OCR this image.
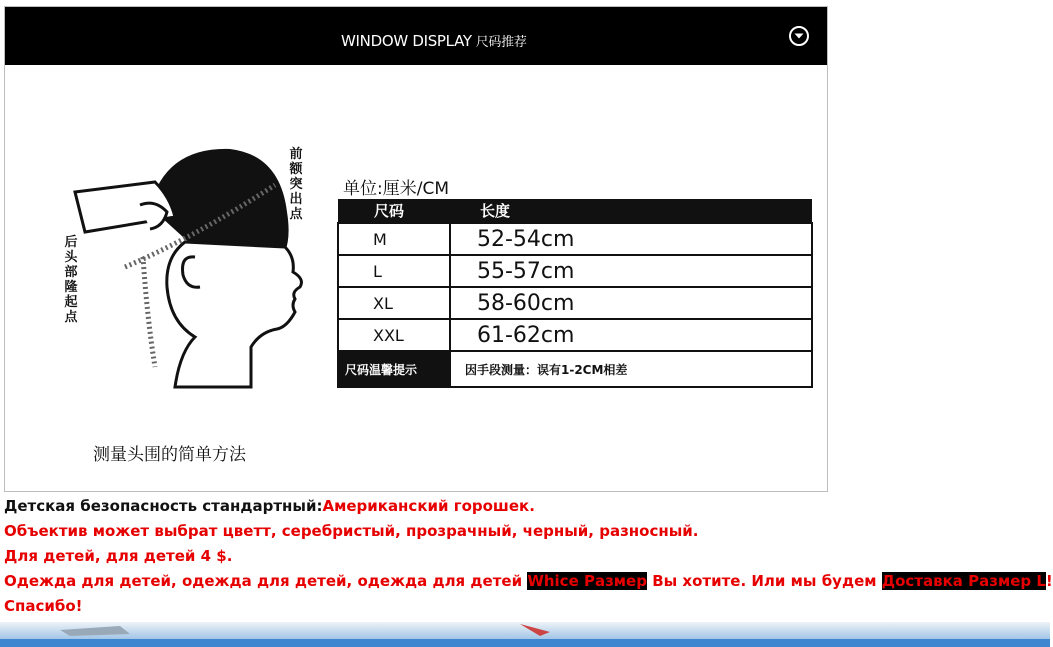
WINDOW DISPLAY 尺码推荐
前额突出点
后头部隆起点
测量头围的简单方法
单位:厘米/CM
尺码	长度
M	52-54cm
L	55-57cm
XL	58-60cm
XXL	61-62cm
尺码温馨提示	因手段测量：误有1-2CM相差
Детская безопасность стандартный:Американский горошек.
Объектив может выбрат цветт, серебристый, прозрачный, черный, разносный.
Для детей, для детей 4 $.
Одежда для детей, одежда для детей, одежда для детей Whice Размер Вы хотите. Или мы будем Доставка Размер L!
Спасибо!
